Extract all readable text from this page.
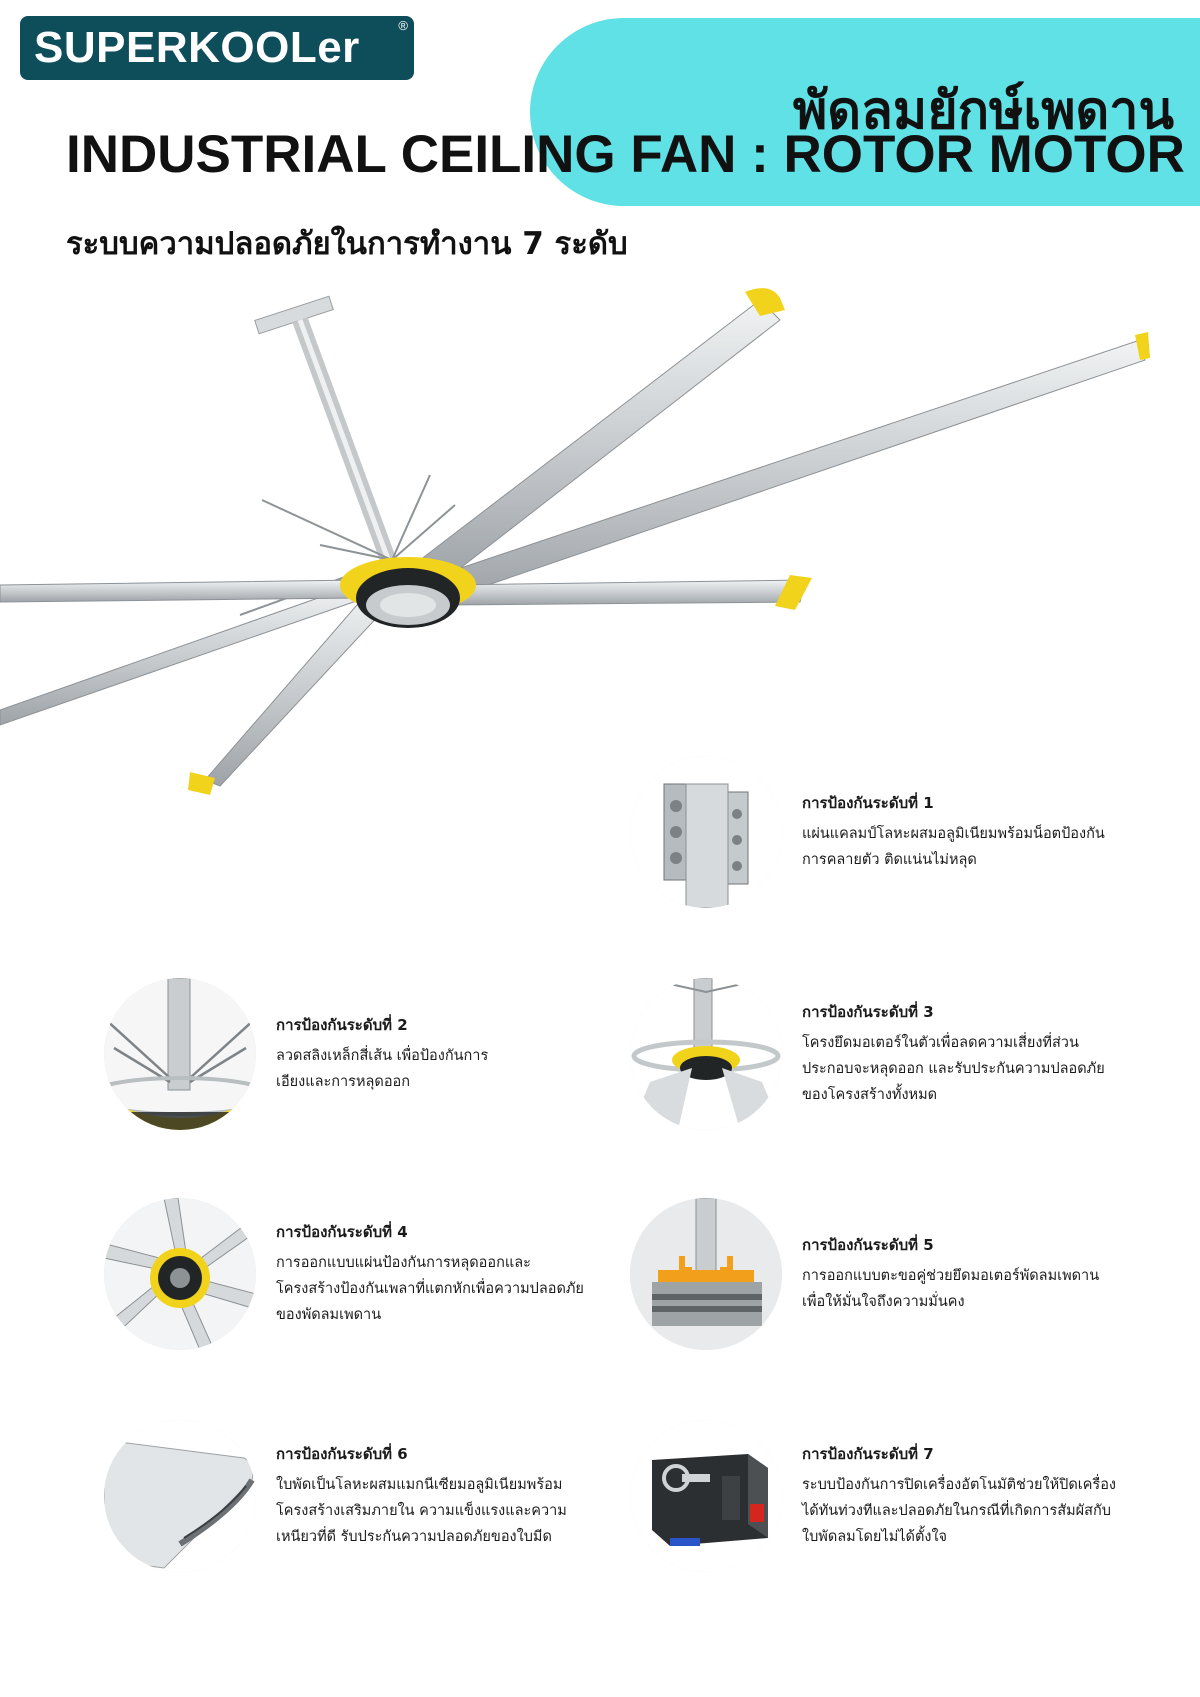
SUPERKOOLer	®
พัดลมยักษ์เพดาน
INDUSTRIAL CEILING FAN : ROTOR MOTOR
ระบบความปลอดภัยในการทำงาน 7 ระดับ
การป้องกันระดับที่ 1
แผ่นแคลมป์โลหะผสมอลูมิเนียมพร้อมน็อตป้องกัน
การคลายตัว ติดแน่นไม่หลุด
การป้องกันระดับที่ 2
ลวดสลิงเหล็กสี่เส้น เพื่อป้องกันการ
เอียงและการหลุดออก
การป้องกันระดับที่ 3
โครงยึดมอเตอร์ในตัวเพื่อลดความเสี่ยงที่ส่วน
ประกอบจะหลุดออก และรับประกันความปลอดภัย
ของโครงสร้างทั้งหมด
การป้องกันระดับที่ 4
การออกแบบแผ่นป้องกันการหลุดออกและ
โครงสร้างป้องกันเพลาที่แตกหักเพื่อความปลอดภัย
ของพัดลมเพดาน
การป้องกันระดับที่ 5
การออกแบบตะขอคู่ช่วยยึดมอเตอร์พัดลมเพดาน
เพื่อให้มั่นใจถึงความมั่นคง
การป้องกันระดับที่ 6
ใบพัดเป็นโลหะผสมแมกนีเซียมอลูมิเนียมพร้อม
โครงสร้างเสริมภายใน ความแข็งแรงและความ
เหนียวที่ดี รับประกันความปลอดภัยของใบมีด
การป้องกันระดับที่ 7
ระบบป้องกันการปิดเครื่องอัตโนมัติช่วยให้ปิดเครื่อง
ได้ทันท่วงทีและปลอดภัยในกรณีที่เกิดการสัมผัสกับ
ใบพัดลมโดยไม่ได้ตั้งใจ
